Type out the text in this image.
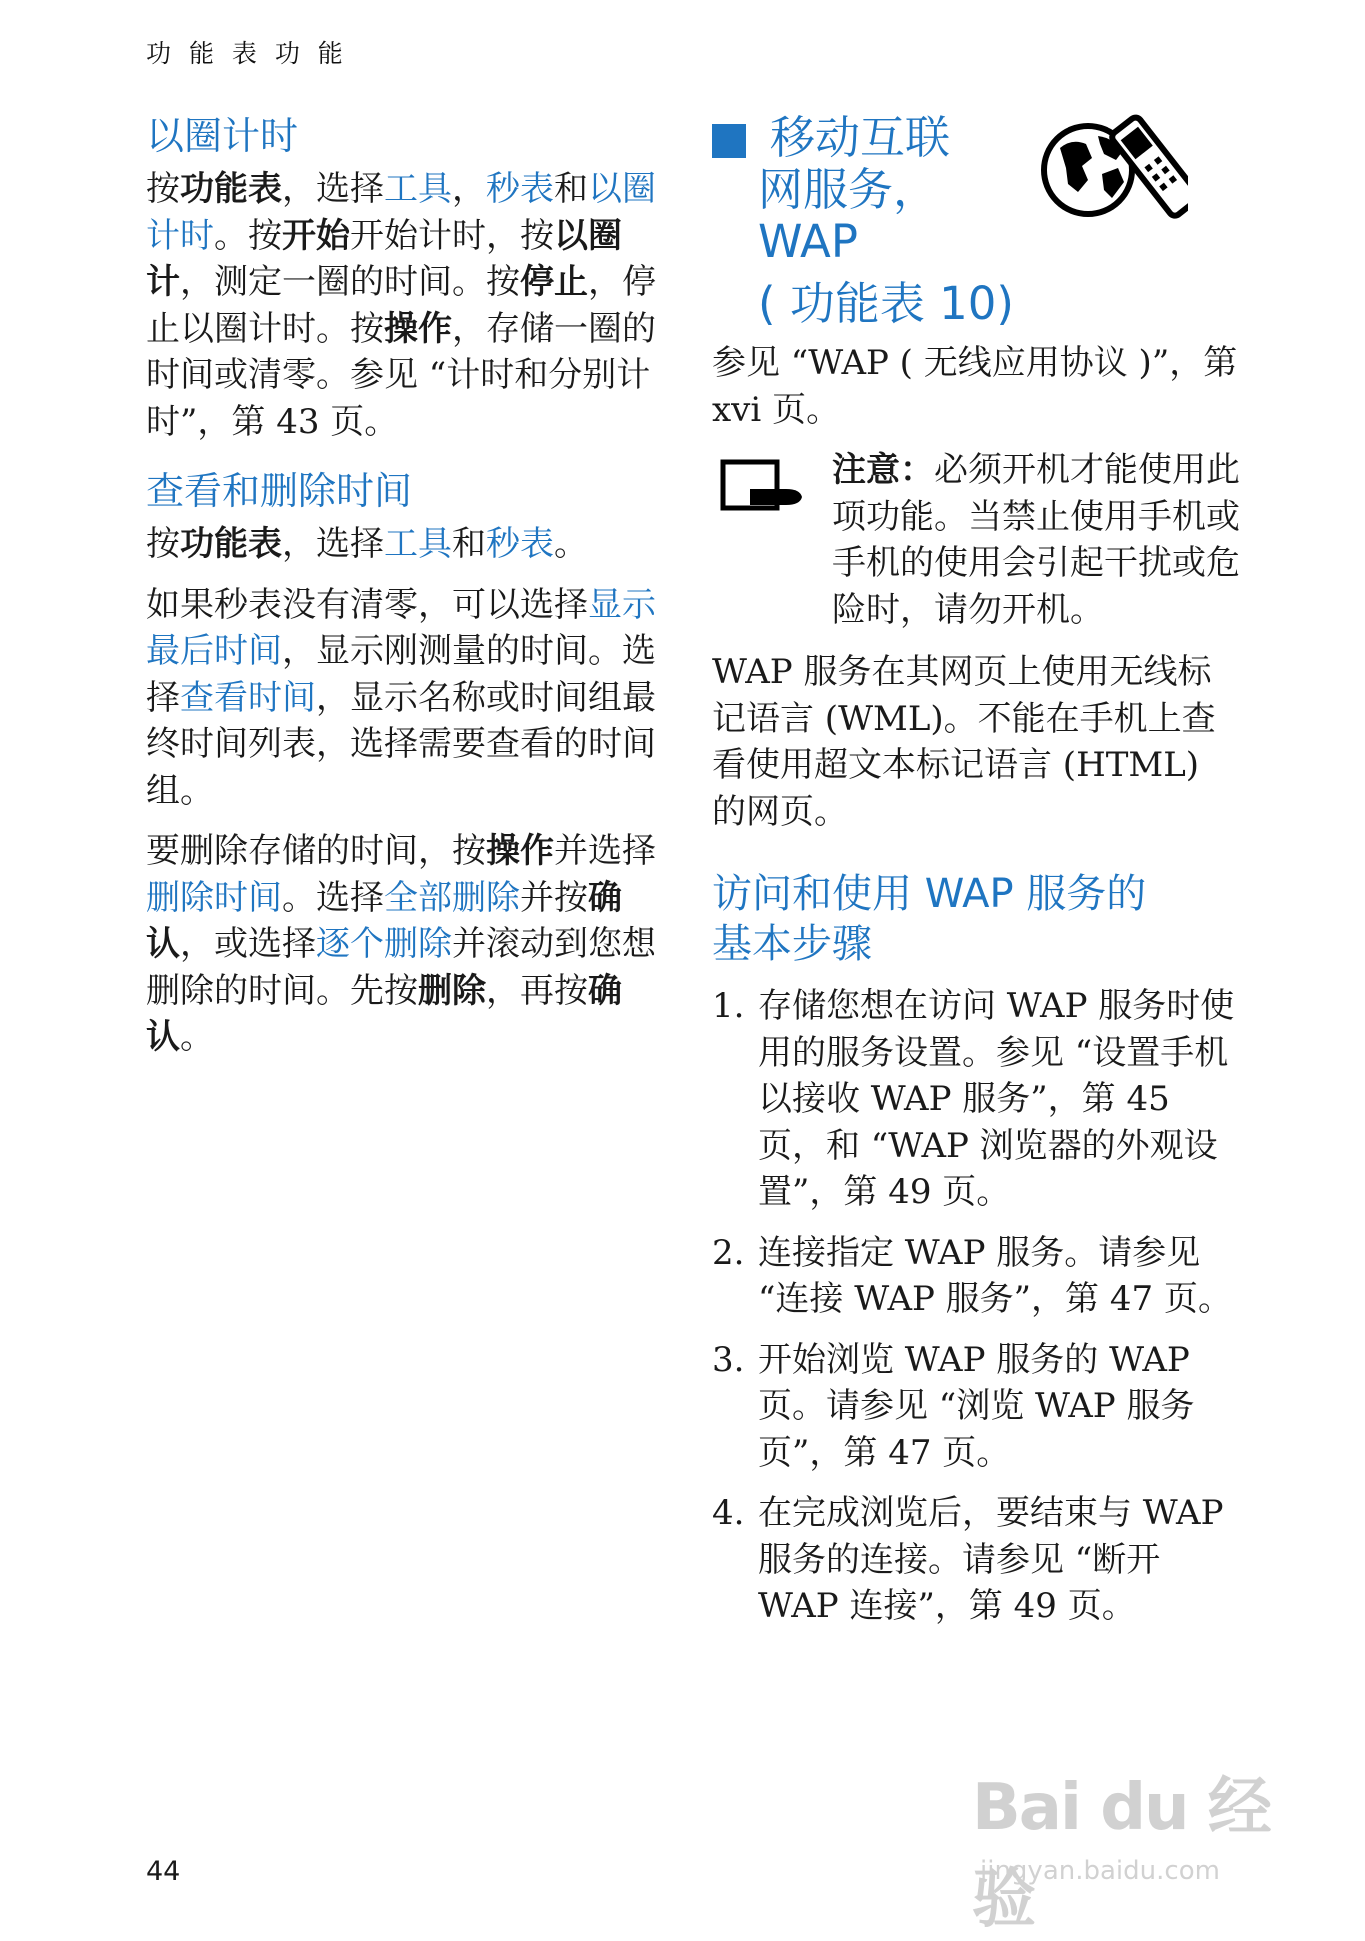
功 能 表 功 能
以圈计时

按功能表，选择工具，秒表和以圈计时。按开始开始计时，按以圈计，测定一圈的时间。按停止，停止以圈计时。按操作，存储一圈的时间或清零。参见 “计时和分别计时”，第 43 页。

查看和删除时间

按功能表，选择工具和秒表。

如果秒表没有清零，可以选择显示最后时间，显示刚测量的时间。选择查看时间，显示名称或时间组最终时间列表，选择需要查看的时间组。

要删除存储的时间，按操作并选择删除时间。选择全部删除并按确认，或选择逐个删除并滚动到您想删除的时间。先按删除，再按确认。

移动互联
网服务，
WAP
( 功能表 10)

参见 “WAP ( 无线应用协议 )”，第 xvi 页。

注意：必须开机才能使用此项功能。当禁止使用手机或手机的使用会引起干扰或危险时，请勿开机。

WAP 服务在其网页上使用无线标记语言 (WML)。不能在手机上查看使用超文本标记语言 (HTML) 的网页。

访问和使用 WAP 服务的
基本步骤
1. 存储您想在访问 WAP 服务时使用的服务设置。参见 “设置手机以接收 WAP 服务”，第 45 页，和 “WAP 浏览器的外观设置”，第 49 页。

2. 连接指定 WAP 服务。请参见 “连接 WAP 服务”，第 47 页。

3. 开始浏览 WAP 服务的 WAP 页。请参见 “浏览 WAP 服务页”，第 47 页。

4. 在完成浏览后，要结束与 WAP 服务的连接。请参见 “断开 WAP 连接”，第 49 页。

44
Bai du 经验
jingyan.baidu.com
